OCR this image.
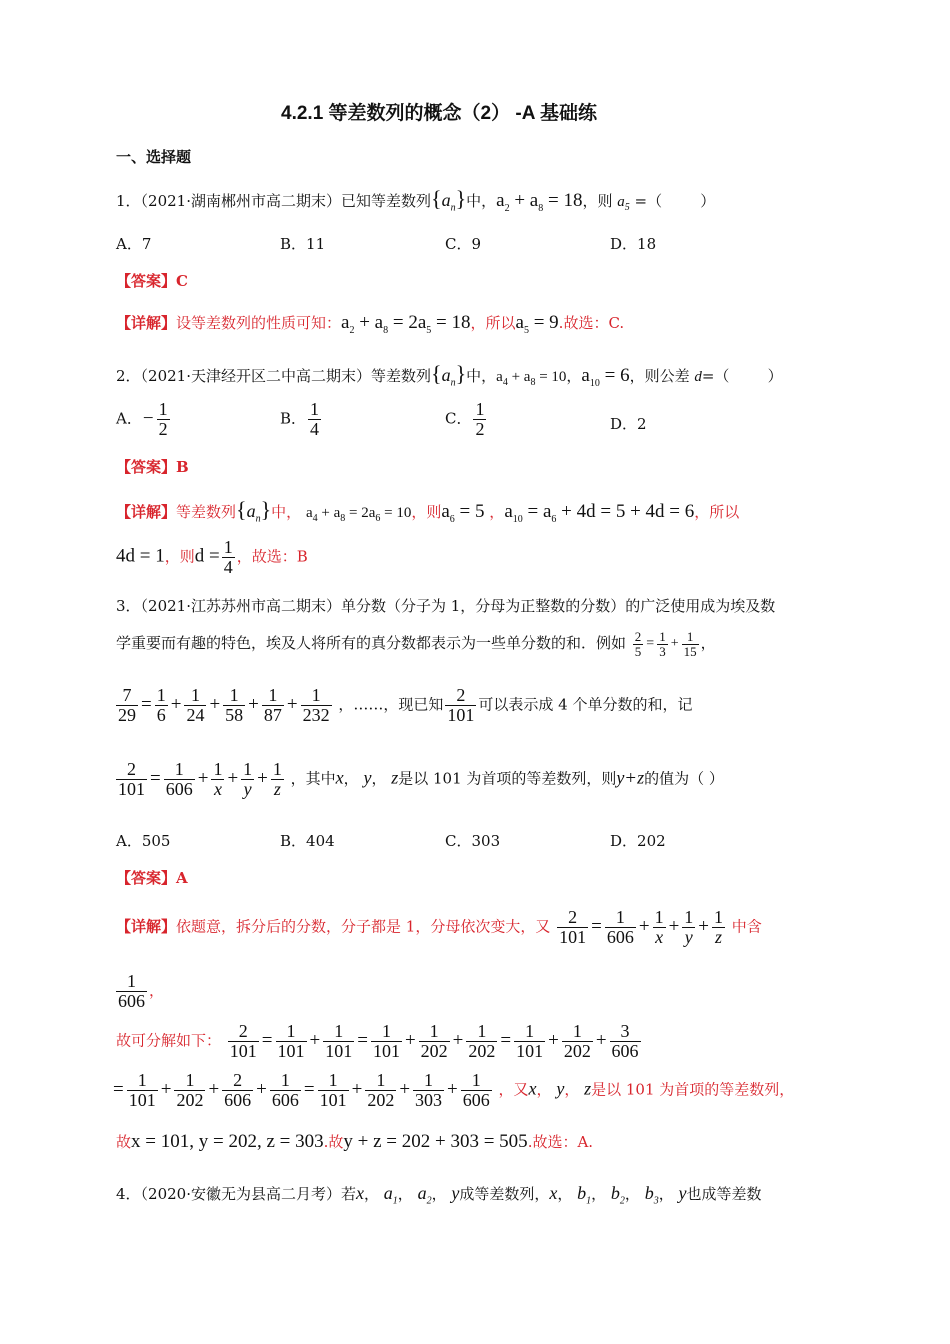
4.2.1 等差数列的概念（2） -A 基础练
一、选择题
1．（2021·湖南郴州市高二期末）已知等差数列$\{a_n\}$中，$a_2 + a_8 = 18$，则 $a_5$ =（        ）
A．7	B．11	C．9	D．18
【答案】C
【详解】设等差数列的性质可知：$a_2 + a_8 = 2a_5 = 18$，所以$a_5 = 9$.故选：C.
2．（2021·天津经开区二中高二期末）等差数列$\{a_n\}$中，$a_4 + a_8 = 10$，$a_{10} = 6$，则公差 d=（        ）
A．− $\frac{1}{2}$	B． $\frac{1}{4}$	C． $\frac{1}{2}$	D．2
【答案】B
【详解】等差数列$\{a_n\}$中， $a_4 + a_8 = 2a_6 = 10$，则$a_6 = 5$ ，$a_{10} = a_6 + 4d = 5 + 4d = 6$，所以
4d = 1，则$d = \frac{1}{4}$ ，故选：B
3．（2021·江苏苏州市高二期末）单分数（分子为 1，分母为正整数的分数）的广泛使用成为埃及数
学重要而有趣的特色，埃及人将所有的真分数都表示为一些单分数的和．例如 $\frac{2}{5} = \frac{1}{3} + \frac{1}{15}$ ，
$\frac{7}{29} = \frac{1}{6} + \frac{1}{24} + \frac{1}{58} + \frac{1}{87} + \frac{1}{232}$ ，……，现已知 $\frac{2}{101}$ 可以表示成 4 个单分数的和，记
$\frac{2}{101} = \frac{1}{606} + \frac{1}{x} + \frac{1}{y} + \frac{1}{z}$ ，其中x， y， z是以 101 为首项的等差数列，则y+z的值为（ ）
A．505	B．404	C．303	D．202
【答案】A
【详解】依题意，拆分后的分数，分子都是 1，分母依次变大，又 $\frac{2}{101} = \frac{1}{606} + \frac{1}{x} + \frac{1}{y} + \frac{1}{z}$ 中含
$\frac{1}{606}$ ，
故可分解如下： $\frac{2}{101} = \frac{1}{101} + \frac{1}{101} = \frac{1}{101} + \frac{1}{202} + \frac{1}{202} = \frac{1}{101} + \frac{1}{202} + \frac{3}{606}$
= $\frac{1}{101} + \frac{1}{202} + \frac{2}{606} + \frac{1}{606} = \frac{1}{101} + \frac{1}{202} + \frac{1}{303} + \frac{1}{606}$ ，又x， y， z是以 101 为首项的等差数列，
故x = 101, y = 202, z = 303.故y + z = 202 + 303 = 505.故选：A.
4．（2020·安徽无为县高二月考）若x， $a_1$， $a_2$， y成等差数列，x， $b_1$， $b_2$， $b_3$， y也成等差数
